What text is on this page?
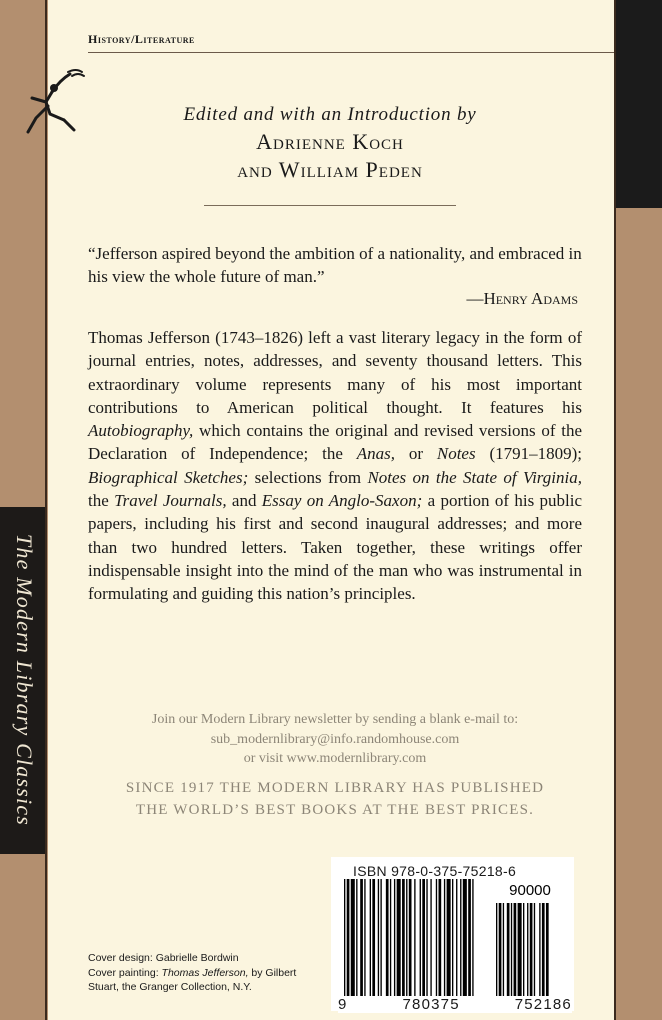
The Modern Library Classics
History/Literature
Edited and with an Introduction by
Adrienne Koch
and William Peden
“Jefferson aspired beyond the ambition of a nationality, and embraced in his view the whole future of man.”
—Henry Adams
Thomas Jefferson (1743–1826) left a vast literary legacy in the form of journal entries, notes, addresses, and seventy thousand letters. This extraordinary volume represents many of his most important contributions to American political thought. It features his Autobiography, which contains the original and revised versions of the Declaration of Independence; the Anas, or Notes (1791–1809); Biographical Sketches; selections from Notes on the State of Virginia, the Travel Journals, and Essay on Anglo-Saxon; a portion of his public papers, including his first and second inaugural addresses; and more than two hundred letters. Taken together, these writings offer indispensable insight into the mind of the man who was instrumental in formulating and guiding this nation’s principles.
Join our Modern Library newsletter by sending a blank e-mail to:
sub_modernlibrary@info.randomhouse.com
or visit www.modernlibrary.com
SINCE 1917 THE MODERN LIBRARY HAS PUBLISHED
THE WORLD’S BEST BOOKS AT THE BEST PRICES.
Cover design: Gabrielle Bordwin
Cover painting: Thomas Jefferson, by Gilbert
Stuart, the Granger Collection, N.Y.
ISBN 978-0-375-75218-6
90000
9	780375	752186
